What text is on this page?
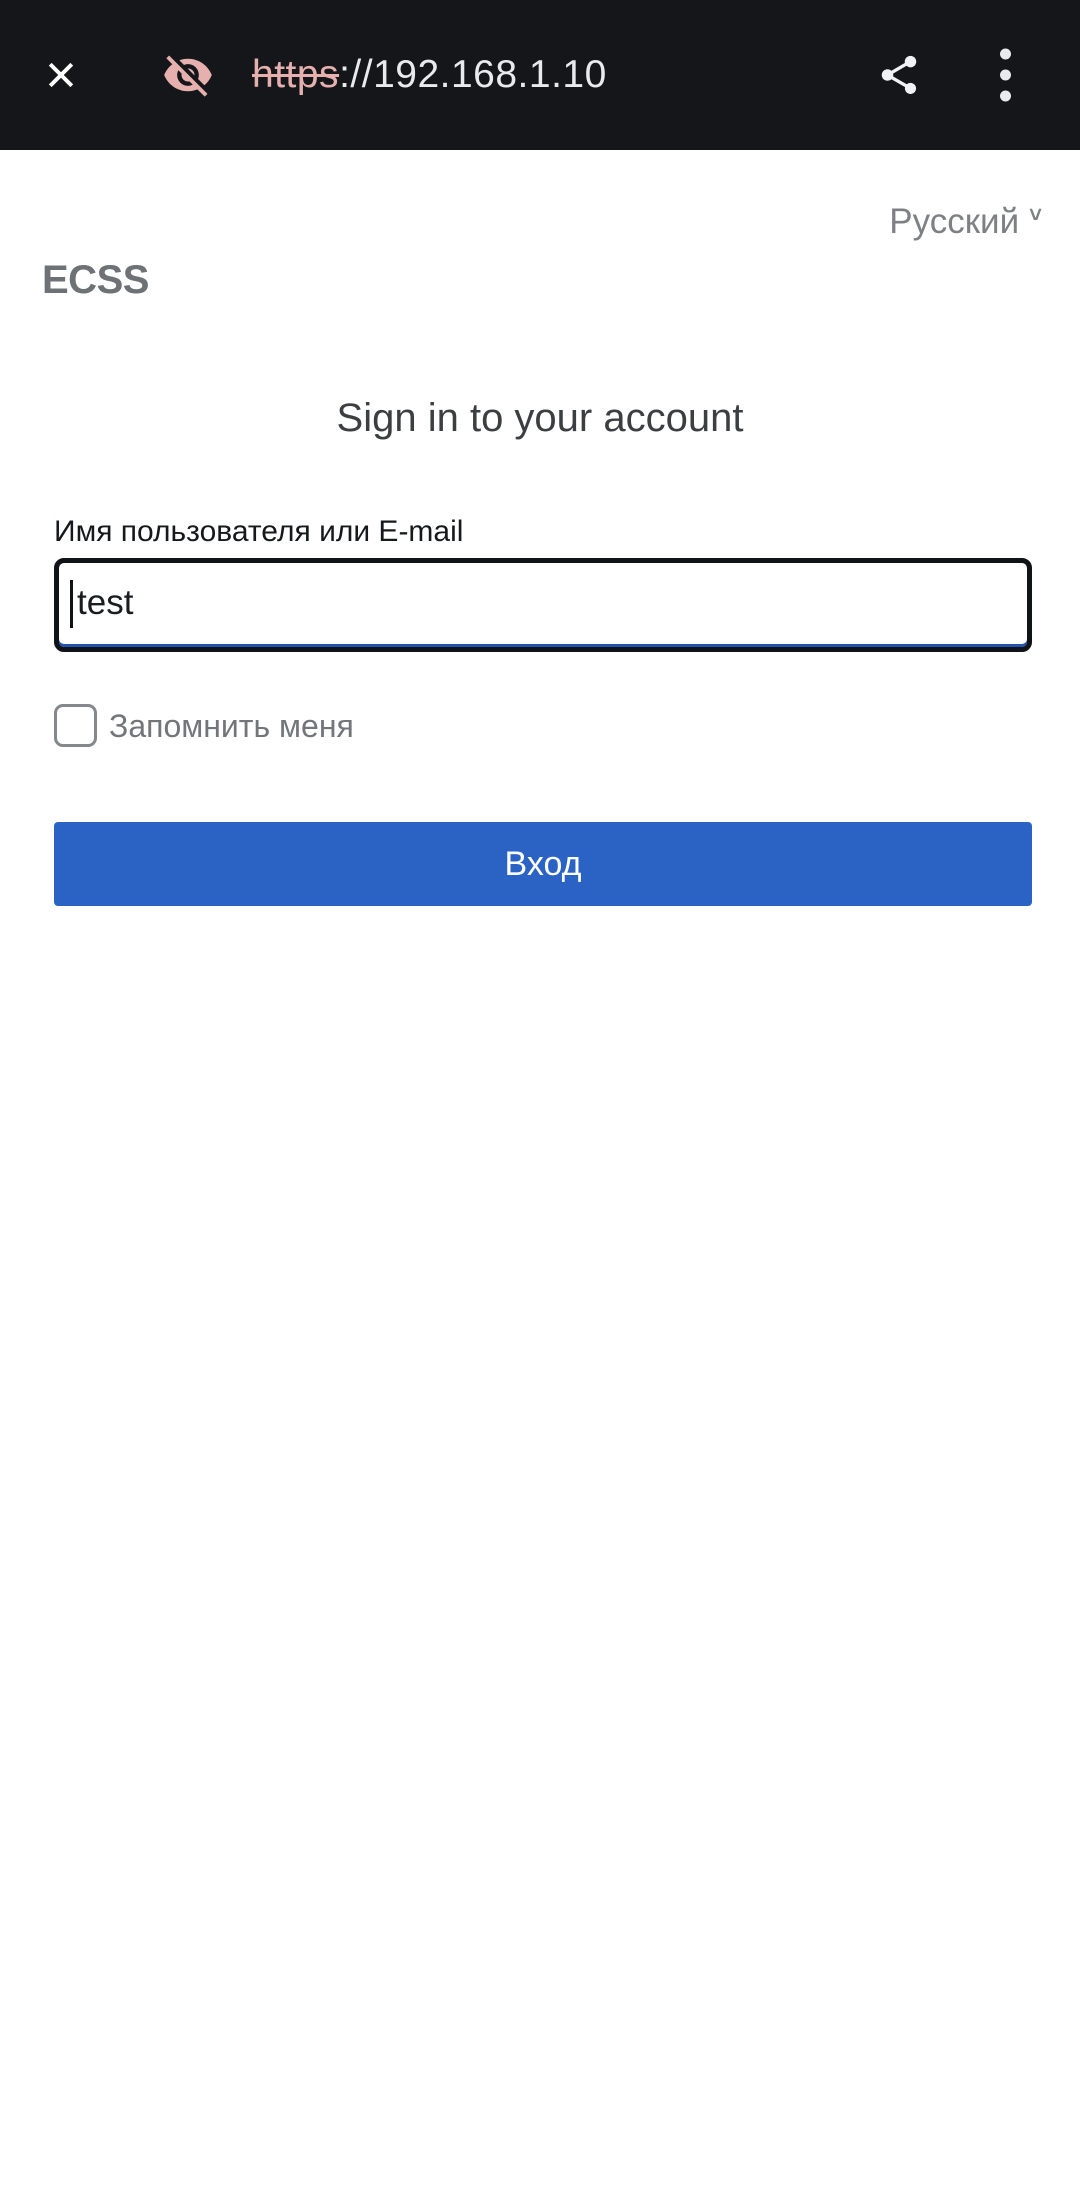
https ://192.168.1.10
Русский ˅
ECSS
Sign in to your account
Имя пользователя или E-mail
test
Запомнить меня
Вход
